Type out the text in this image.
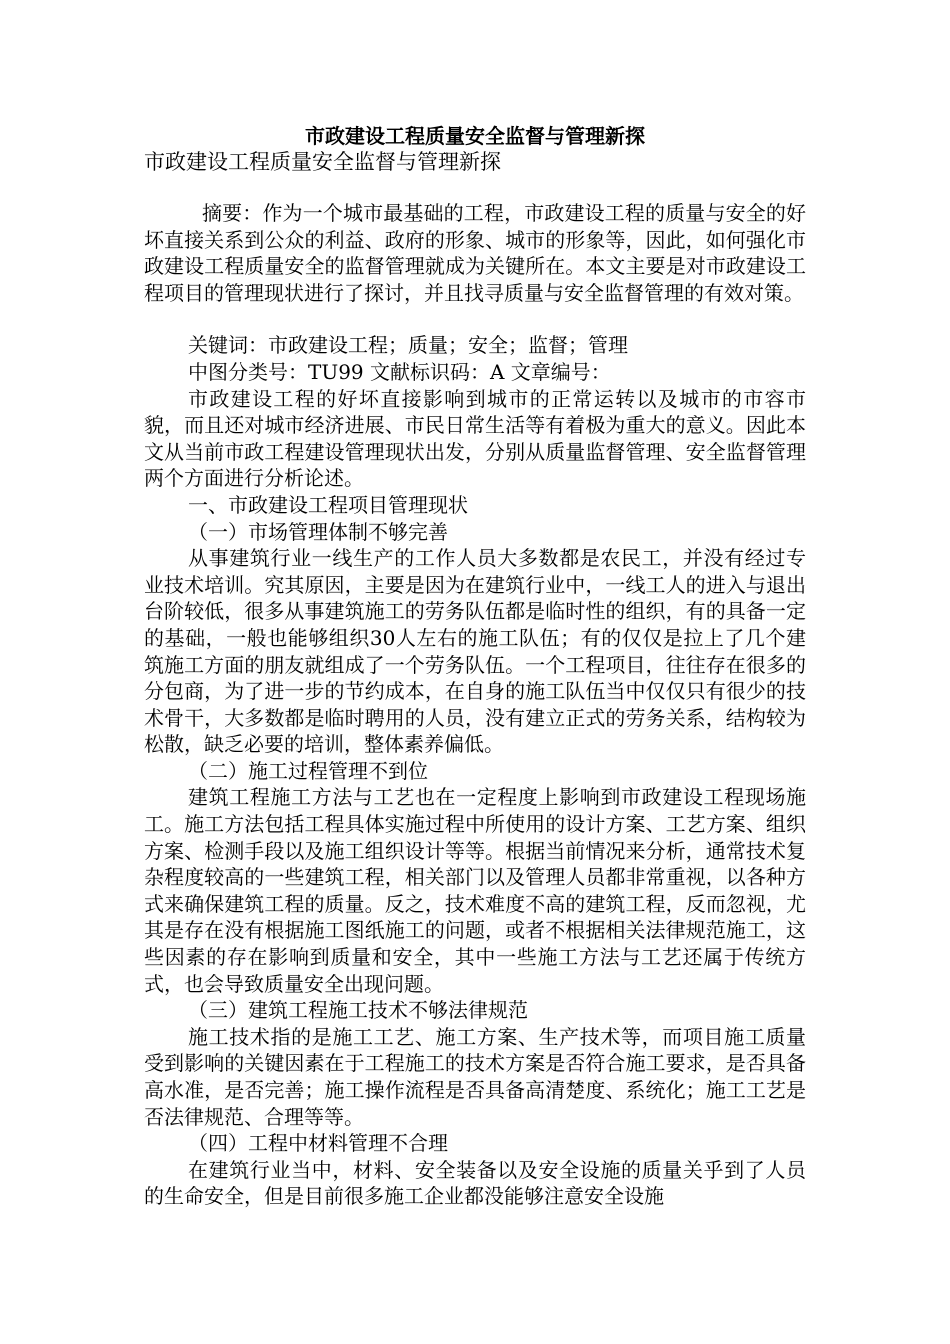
市政建设工程质量安全监督与管理新探

市政建设工程质量安全监督与管理新探

摘要：作为一个城市最基础的工程，市政建设工程的质量与安全的好坏直接关系到公众的利益、政府的形象、城市的形象等，因此，如何强化市政建设工程质量安全的监督管理就成为关键所在。本文主要是对市政建设工程项目的管理现状进行了探讨，并且找寻质量与安全监督管理的有效对策。

关键词：市政建设工程；质量；安全；监督；管理

中图分类号：TU99 文献标识码：A 文章编号：

市政建设工程的好坏直接影响到城市的正常运转以及城市的市容市貌，而且还对城市经济进展、市民日常生活等有着极为重大的意义。因此本文从当前市政工程建设管理现状出发，分别从质量监督管理、安全监督管理两个方面进行分析论述。

一、市政建设工程项目管理现状

（一）市场管理体制不够完善

从事建筑行业一线生产的工作人员大多数都是农民工，并没有经过专业技术培训。究其原因，主要是因为在建筑行业中，一线工人的进入与退出台阶较低，很多从事建筑施工的劳务队伍都是临时性的组织，有的具备一定的基础，一般也能够组织30人左右的施工队伍；有的仅仅是拉上了几个建筑施工方面的朋友就组成了一个劳务队伍。一个工程项目，往往存在很多的分包商，为了进一步的节约成本，在自身的施工队伍当中仅仅只有很少的技术骨干，大多数都是临时聘用的人员，没有建立正式的劳务关系，结构较为松散，缺乏必要的培训，整体素养偏低。

（二）施工过程管理不到位

建筑工程施工方法与工艺也在一定程度上影响到市政建设工程现场施工。施工方法包括工程具体实施过程中所使用的设计方案、工艺方案、组织方案、检测手段以及施工组织设计等等。根据当前情况来分析，通常技术复杂程度较高的一些建筑工程，相关部门以及管理人员都非常重视，以各种方式来确保建筑工程的质量。反之，技术难度不高的建筑工程，反而忽视，尤其是存在没有根据施工图纸施工的问题，或者不根据相关法律规范施工，这些因素的存在影响到质量和安全，其中一些施工方法与工艺还属于传统方式，也会导致质量安全出现问题。

（三）建筑工程施工技术不够法律规范

施工技术指的是施工工艺、施工方案、生产技术等，而项目施工质量受到影响的关键因素在于工程施工的技术方案是否符合施工要求，是否具备高水准，是否完善；施工操作流程是否具备高清楚度、系统化；施工工艺是否法律规范、合理等等。

（四）工程中材料管理不合理

在建筑行业当中，材料、安全装备以及安全设施的质量关乎到了人员的生命安全，但是目前很多施工企业都没能够注意安全设施
